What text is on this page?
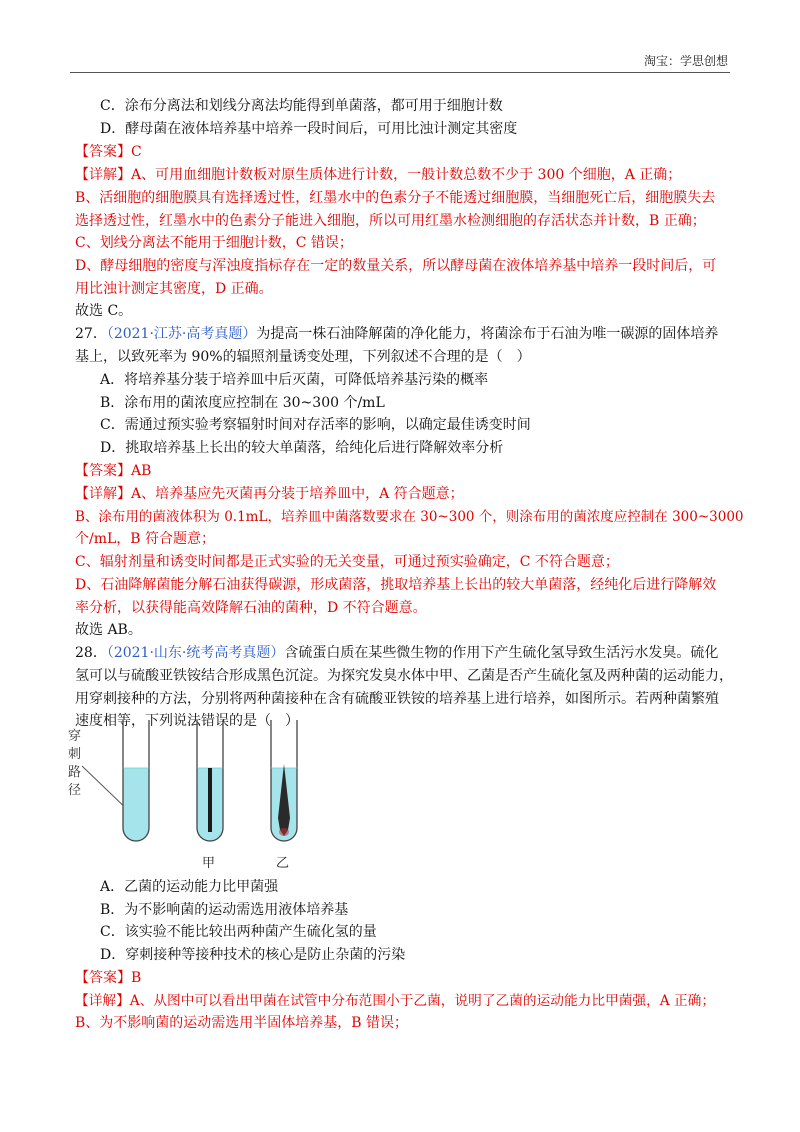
淘宝：学思创想
C．涂布分离法和划线分离法均能得到单菌落，都可用于细胞计数
D．酵母菌在液体培养基中培养一段时间后，可用比浊计测定其密度
【答案】C
【详解】A、可用血细胞计数板对原生质体进行计数，一般计数总数不少于 300 个细胞，A 正确；
B、活细胞的细胞膜具有选择透过性，红墨水中的色素分子不能透过细胞膜，当细胞死亡后，细胞膜失去
选择透过性，红墨水中的色素分子能进入细胞，所以可用红墨水检测细胞的存活状态并计数，B 正确；
C、划线分离法不能用于细胞计数，C 错误；
D、酵母细胞的密度与浑浊度指标存在一定的数量关系，所以酵母菌在液体培养基中培养一段时间后，可
用比浊计测定其密度，D 正确。
故选 C。
27．（2021·江苏·高考真题）为提高一株石油降解菌的净化能力，将菌涂布于石油为唯一碳源的固体培养
基上，以致死率为 90%的辐照剂量诱变处理，下列叙述不合理的是（　）
A．将培养基分装于培养皿中后灭菌，可降低培养基污染的概率
B．涂布用的菌浓度应控制在 30~300 个/mL
C．需通过预实验考察辐射时间对存活率的影响，以确定最佳诱变时间
D．挑取培养基上长出的较大单菌落，给纯化后进行降解效率分析
【答案】AB
【详解】A、培养基应先灭菌再分装于培养皿中，A 符合题意；
B、涂布用的菌液体积为 0.1mL，培养皿中菌落数要求在 30~300 个，则涂布用的菌浓度应控制在 300~3000
个/mL，B 符合题意；
C、辐射剂量和诱变时间都是正式实验的无关变量，可通过预实验确定，C 不符合题意；
D、石油降解菌能分解石油获得碳源，形成菌落，挑取培养基上长出的较大单菌落，经纯化后进行降解效
率分析，以获得能高效降解石油的菌种，D 不符合题意。
故选 AB。
28．（2021·山东·统考高考真题）含硫蛋白质在某些微生物的作用下产生硫化氢导致生活污水发臭。硫化
氢可以与硫酸亚铁铵结合形成黑色沉淀。为探究发臭水体中甲、乙菌是否产生硫化氢及两种菌的运动能力，
用穿刺接种的方法，分别将两种菌接种在含有硫酸亚铁铵的培养基上进行培养，如图所示。若两种菌繁殖
速度相等，下列说法错误的是（　）
穿刺路径
甲	乙
A．乙菌的运动能力比甲菌强
B．为不影响菌的运动需选用液体培养基
C．该实验不能比较出两种菌产生硫化氢的量
D．穿刺接种等接种技术的核心是防止杂菌的污染
【答案】B
【详解】A、从图中可以看出甲菌在试管中分布范围小于乙菌，说明了乙菌的运动能力比甲菌强，A 正确；
B、为不影响菌的运动需选用半固体培养基，B 错误；
